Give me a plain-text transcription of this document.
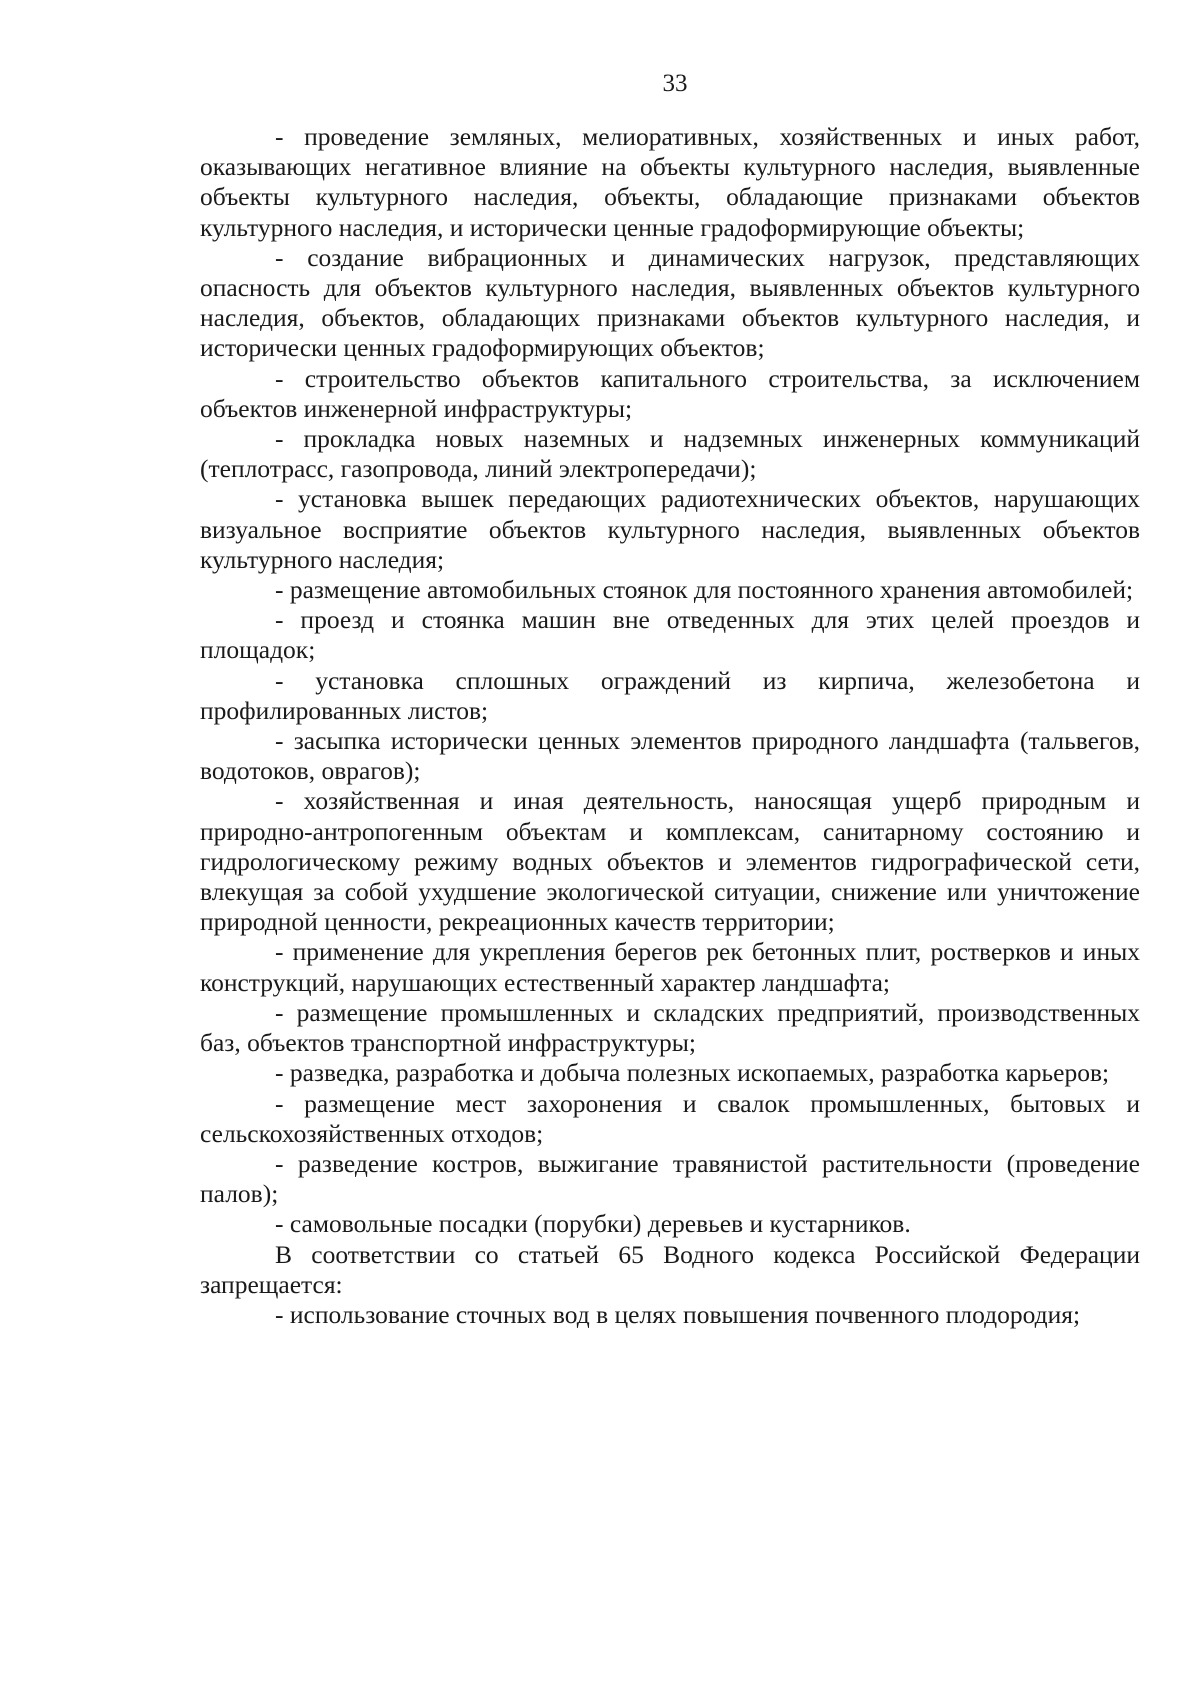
33

- проведение земляных, мелиоративных, хозяйственных и иных работ, оказывающих негативное влияние на объекты культурного наследия, выявленные объекты культурного наследия, объекты, обладающие признаками объектов культурного наследия, и исторически ценные градоформирующие объекты;

- создание вибрационных и динамических нагрузок, представляющих опасность для объектов культурного наследия, выявленных объектов культурного наследия, объектов, обладающих признаками объектов культурного наследия, и исторически ценных градоформирующих объектов;

- строительство объектов капитального строительства, за исключением объектов инженерной инфраструктуры;

- прокладка новых наземных и надземных инженерных коммуникаций (теплотрасс, газопровода, линий электропередачи);

- установка вышек передающих радиотехнических объектов, нарушающих визуальное восприятие объектов культурного наследия, выявленных объектов культурного наследия;

- размещение автомобильных стоянок для постоянного хранения автомобилей;

- проезд и стоянка машин вне отведенных для этих целей проездов и площадок;

- установка сплошных ограждений из кирпича, железобетона и профилированных листов;

- засыпка исторически ценных элементов природного ландшафта (тальвегов, водотоков, оврагов);

- хозяйственная и иная деятельность, наносящая ущерб природным и природно-антропогенным объектам и комплексам, санитарному состоянию и гидрологическому режиму водных объектов и элементов гидрографической сети, влекущая за собой ухудшение экологической ситуации, снижение или уничтожение природной ценности, рекреационных качеств территории;

- применение для укрепления берегов рек бетонных плит, ростверков и иных конструкций, нарушающих естественный характер ландшафта;

- размещение промышленных и складских предприятий, производственных баз, объектов транспортной инфраструктуры;

- разведка, разработка и добыча полезных ископаемых, разработка карьеров;

- размещение мест захоронения и свалок промышленных, бытовых и сельскохозяйственных отходов;

- разведение костров, выжигание травянистой растительности (проведение палов);

- самовольные посадки (порубки) деревьев и кустарников.

В соответствии со статьей 65 Водного кодекса Российской Федерации запрещается:

- использование сточных вод в целях повышения почвенного плодородия;
